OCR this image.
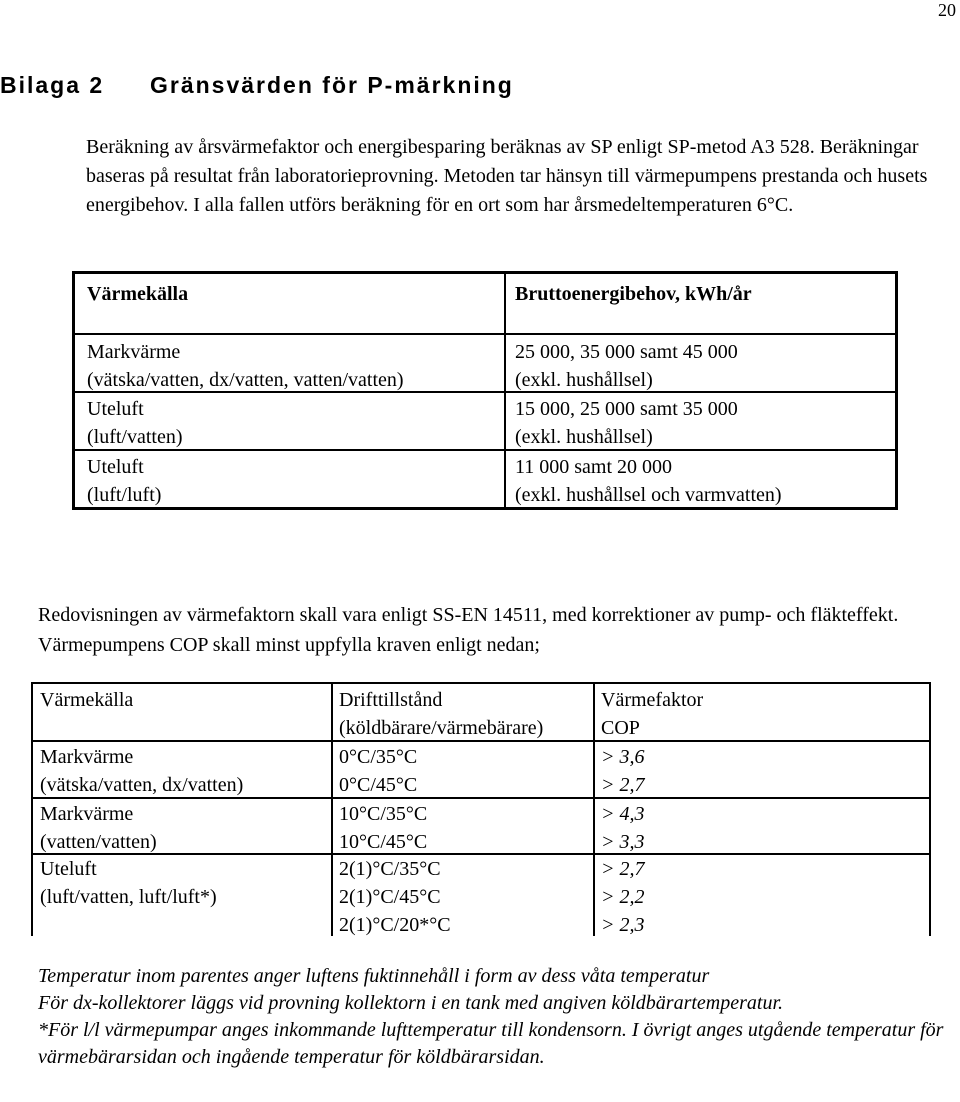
20
Bilaga 2 Gränsvärden för P-märkning

Beräkning av årsvärmefaktor och energibesparing beräknas av SP enligt SP-metod A3 528. Beräkningar baseras på resultat från laboratorieprovning. Metoden tar hänsyn till värmepumpens prestanda och husets energibehov. I alla fallen utförs beräkning för en ort som har årsmedeltemperaturen 6°C.

Värmekälla	Bruttoenergibehov, kWh/år
Markvärme
(vätska/vatten, dx/vatten, vatten/vatten)
25 000, 35 000 samt 45 000
(exkl. hushållsel)
Uteluft
(luft/vatten)
15 000, 25 000 samt 35 000
(exkl. hushållsel)
Uteluft
(luft/luft)
11 000 samt 20 000
(exkl. hushållsel och varmvatten)

Redovisningen av värmefaktorn skall vara enligt SS-EN 14511, med korrektioner av pump- och fläkteffekt. Värmepumpens COP skall minst uppfylla kraven enligt nedan;

Värmekälla	Drifttillstånd
(köldbärare/värmebärare)
Värmefaktor
COP
Markvärme
(vätska/vatten, dx/vatten)
0°C/35°C
0°C/45°C
> 3,6
> 2,7
Markvärme
(vatten/vatten)
10°C/35°C
10°C/45°C
> 4,3
> 3,3
Uteluft
(luft/vatten, luft/luft*)
2(1)°C/35°C
2(1)°C/45°C
2(1)°C/20*°C
> 2,7
> 2,2
> 2,3

Temperatur inom parentes anger luftens fuktinnehåll i form av dess våta temperatur

För dx-kollektorer läggs vid provning kollektorn i en tank med angiven köldbärartemperatur.

*För l/l värmepumpar anges inkommande lufttemperatur till kondensorn. I övrigt anges utgående temperatur för värmebärarsidan och ingående temperatur för köldbärarsidan.
